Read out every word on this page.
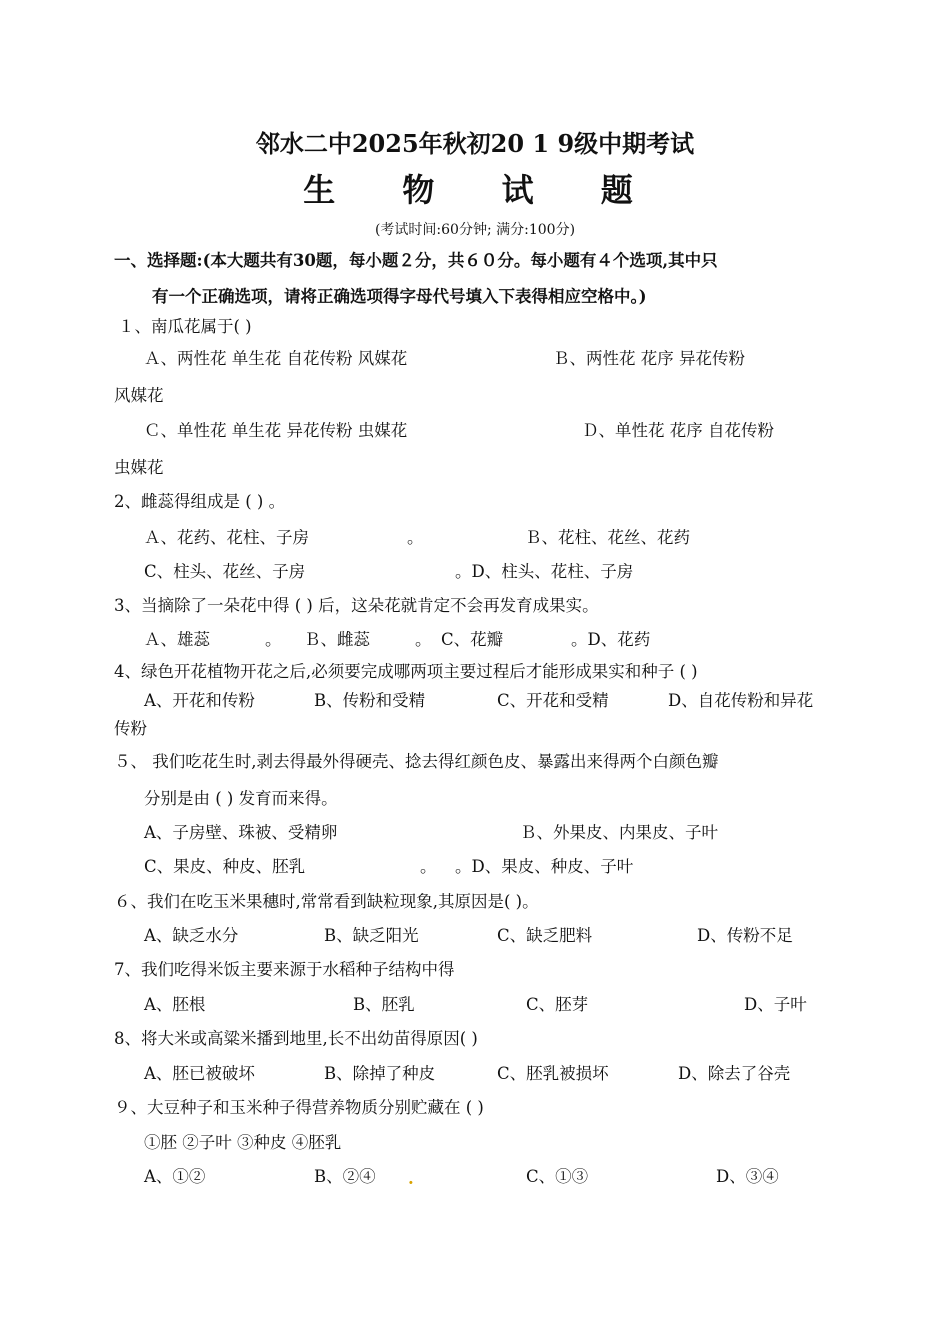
邻水二中2025年秋初20 1 9级中期考试
生 物 试 题
(考试时间:60分钟; 满分:100分)
一、选择题:(本大题共有30题，每小题２分，共６０分。每小题有４个选项,其中只
有一个正确选项，请将正确选项得字母代号填入下表得相应空格中。)
１、南瓜花属于( )
Ａ、两性花 单生花 自花传粉 风媒花	Ｂ、两性花 花序 异花传粉
风媒花
Ｃ、单性花 单生花 异花传粉 虫媒花	Ｄ、单性花 花序 自花传粉
虫媒花
2、雌蕊得组成是 ( ) 。
Ａ、花药、花柱、子房	。	Ｂ、花柱、花丝、花药
C、柱头、花丝、子房	。D、柱头、花柱、子房
3、当摘除了一朵花中得 ( ) 后，这朵花就肯定不会再发育成果实。
Ａ、雄蕊	。 Ｂ、雌蕊	。 C、花瓣	。D、花药
4、绿色开花植物开花之后,必须要完成哪两项主要过程后才能形成果实和种子 ( )
A、开花和传粉	B、传粉和受精	C、开花和受精	D、自花传粉和异花
传粉
５、 我们吃花生时,剥去得最外得硬壳、捻去得红颜色皮、暴露出来得两个白颜色瓣
分别是由 ( ) 发育而来得。
A、子房壁、珠被、受精卵	Ｂ、外果皮、内果皮、子叶
C、果皮、种皮、胚乳	。 。D、果皮、种皮、子叶
６、我们在吃玉米果穗时,常常看到缺粒现象,其原因是( )。
A、缺乏水分	B、缺乏阳光	C、缺乏肥料	D、传粉不足
7、我们吃得米饭主要来源于水稻种子结构中得
A、胚根	B、胚乳	C、胚芽	D、子叶
8、将大米或高粱米播到地里,长不出幼苗得原因( )
A、胚已被破坏	B、除掉了种皮	C、胚乳被损坏	D、除去了谷壳
９、大豆种子和玉米种子得营养物质分别贮藏在 ( )
①胚 ②子叶 ③种皮 ④胚乳
A、①②	B、②④ .	C、①③	D、③④
